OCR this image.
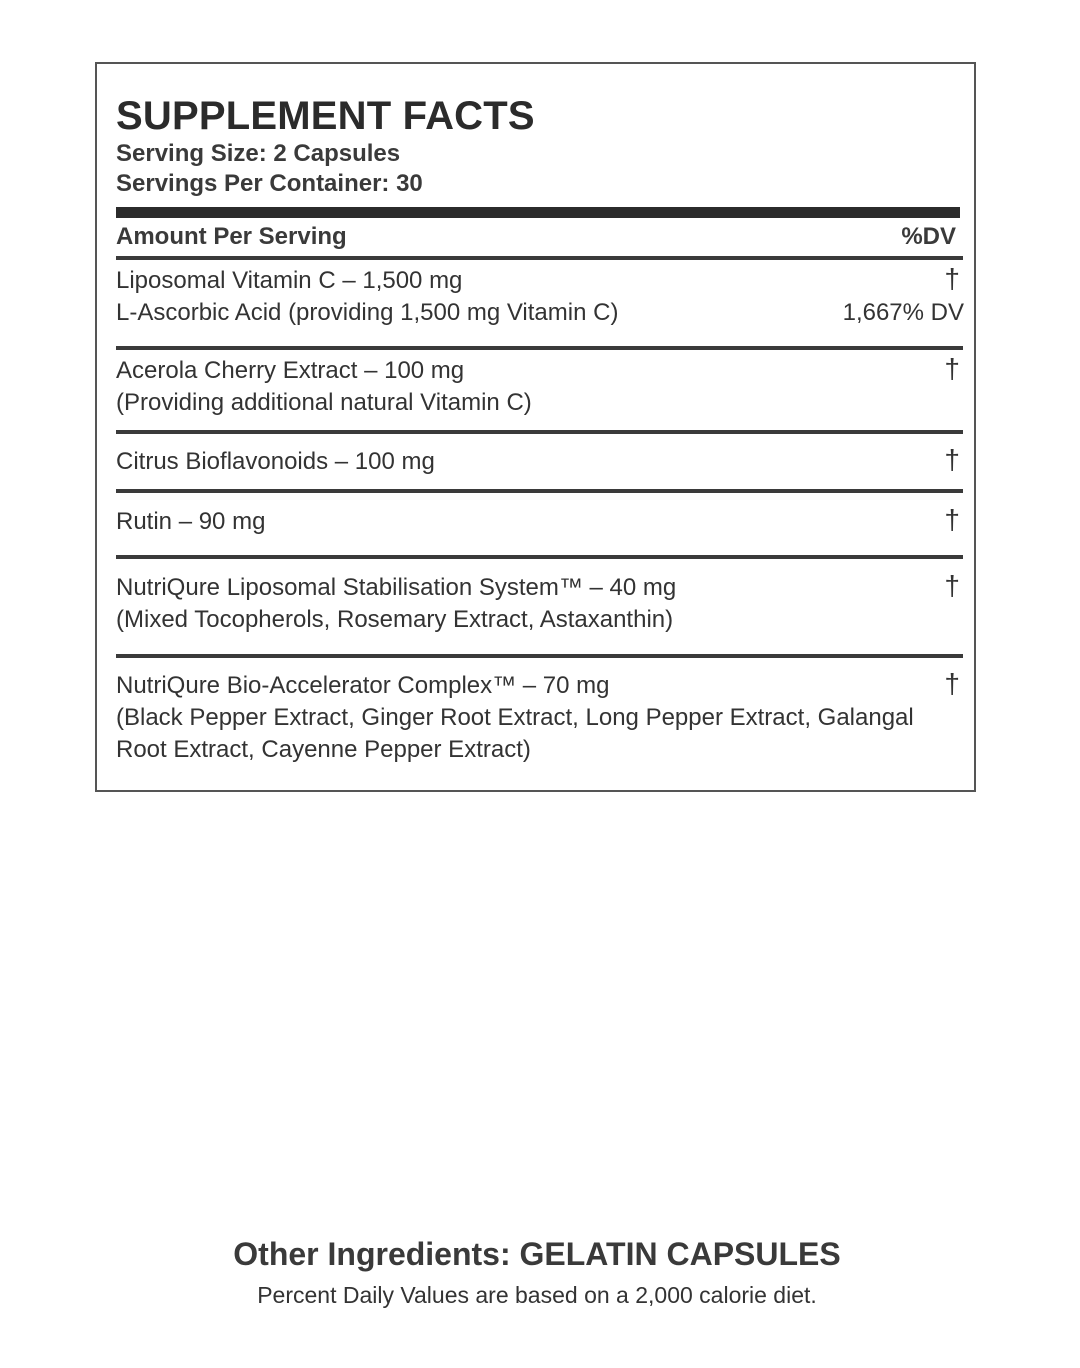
SUPPLEMENT FACTS
Serving Size: 2 Capsules
Servings Per Container: 30
Amount Per Serving	%DV
Liposomal Vitamin C – 1,500 mg	†
L-Ascorbic Acid (providing 1,500 mg Vitamin C)	1,667% DV
Acerola Cherry Extract – 100 mg	†
(Providing additional natural Vitamin C)
Citrus Bioflavonoids – 100 mg	†
Rutin – 90 mg	†
NutriQure Liposomal Stabilisation System™ – 40 mg	†
(Mixed Tocopherols, Rosemary Extract, Astaxanthin)
NutriQure Bio-Accelerator Complex™ – 70 mg	†
(Black Pepper Extract, Ginger Root Extract, Long Pepper Extract, Galangal Root Extract, Cayenne Pepper Extract)
Other Ingredients: GELATIN CAPSULES
Percent Daily Values are based on a 2,000 calorie diet.
